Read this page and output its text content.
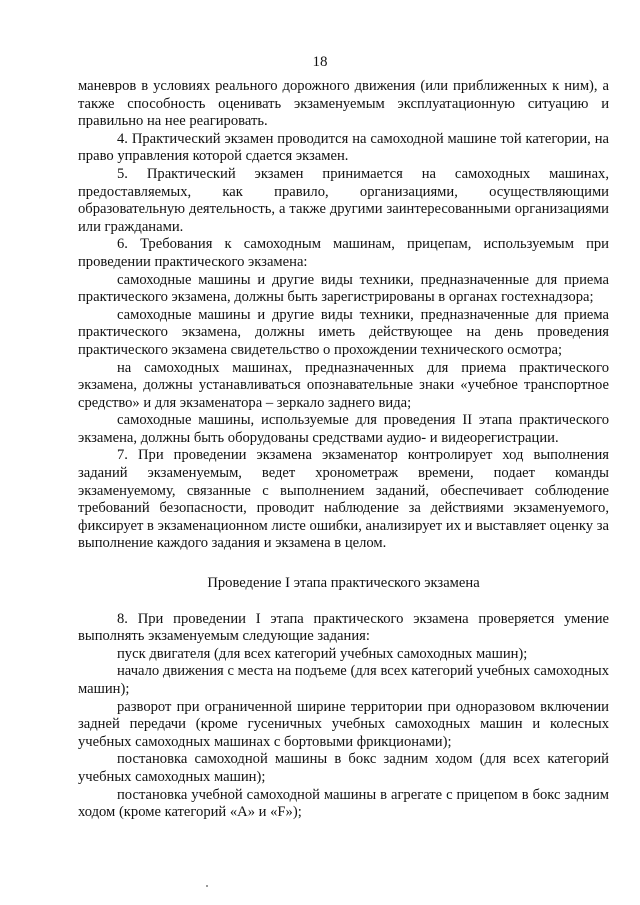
18

маневров в условиях реального дорожного движения (или приближенных к ним), а также способность оценивать экзаменуемым эксплуатационную ситуацию и правильно на нее реагировать.

4. Практический экзамен проводится на самоходной машине той категории, на право управления которой сдается экзамен.

5. Практический экзамен принимается на самоходных машинах, предоставляемых, как правило, организациями, осуществляющими образовательную деятельность, а также другими заинтересованными организациями или гражданами.

6. Требования к самоходным машинам, прицепам, используемым при проведении практического экзамена:

самоходные машины и другие виды техники, предназначенные для приема практического экзамена, должны быть зарегистрированы в органах гостехнадзора;

самоходные машины и другие виды техники, предназначенные для приема практического экзамена, должны иметь действующее на день проведения практического экзамена свидетельство о прохождении технического осмотра;

на самоходных машинах, предназначенных для приема практического экзамена, должны устанавливаться опознавательные знаки «учебное транспортное средство» и для экзаменатора – зеркало заднего вида;

самоходные машины, используемые для проведения II этапа практического экзамена, должны быть оборудованы средствами аудио- и видеорегистрации.

7. При проведении экзамена экзаменатор контролирует ход выполнения заданий экзаменуемым, ведет хронометраж времени, подает команды экзаменуемому, связанные с выполнением заданий, обеспечивает соблюдение требований безопасности, проводит наблюдение за действиями экзаменуемого, фиксирует в экзаменационном листе ошибки, анализирует их и выставляет оценку за выполнение каждого задания и экзамена в целом.

Проведение I этапа практического экзамена

8. При проведении I этапа практического экзамена проверяется умение выполнять экзаменуемым следующие задания:

пуск двигателя (для всех категорий учебных самоходных машин);

начало движения с места на подъеме (для всех категорий учебных самоходных машин);

разворот при ограниченной ширине территории при одноразовом включении задней передачи (кроме гусеничных учебных самоходных машин и колесных учебных самоходных машинах с бортовыми фрикционами);

постановка самоходной машины в бокс задним ходом (для всех категорий учебных самоходных машин);

постановка учебной самоходной машины в агрегате с прицепом в бокс задним ходом (кроме категорий «А» и «F»);
